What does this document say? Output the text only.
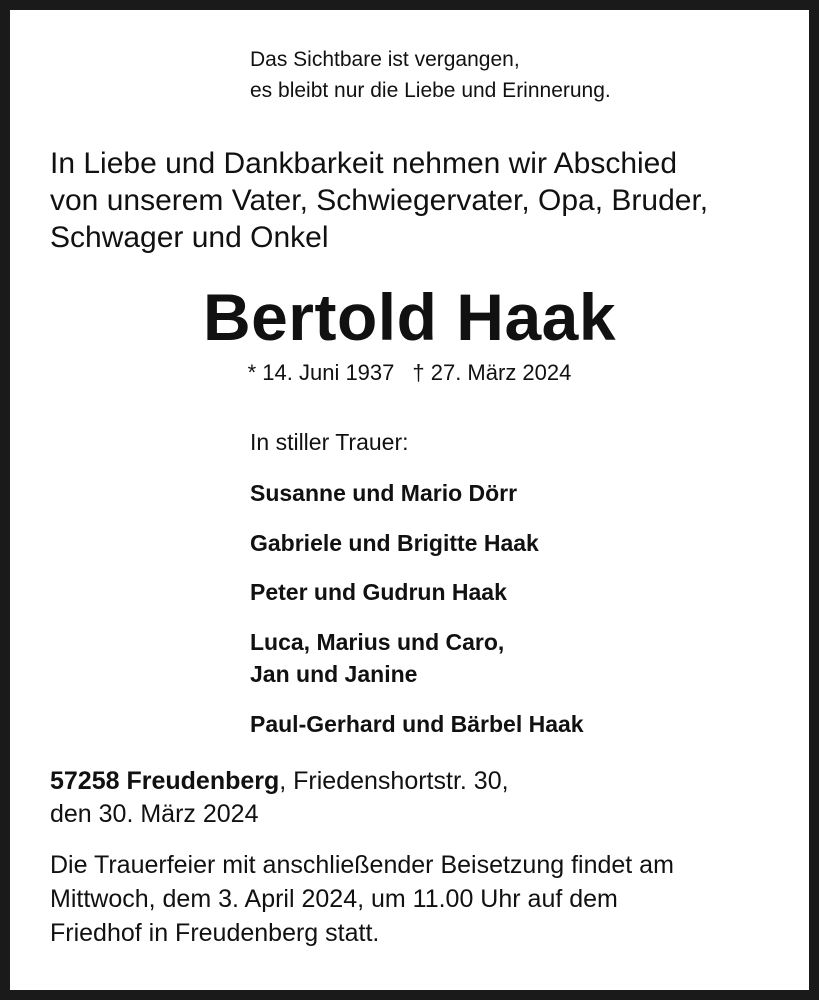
Das Sichtbare ist vergangen,
es bleibt nur die Liebe und Erinnerung.
In Liebe und Dankbarkeit nehmen wir Abschied
von unserem Vater, Schwiegervater, Opa, Bruder,
Schwager und Onkel
Bertold Haak
* 14. Juni 1937 † 27. März 2024
In stiller Trauer:
Susanne und Mario Dörr
Gabriele und Brigitte Haak
Peter und Gudrun Haak
Luca, Marius und Caro,
Jan und Janine
Paul-Gerhard und Bärbel Haak
57258 Freudenberg, Friedenshortstr. 30,
den 30. März 2024
Die Trauerfeier mit anschließender Beisetzung findet am
Mittwoch, dem 3. April 2024, um 11.00 Uhr auf dem
Friedhof in Freudenberg statt.
